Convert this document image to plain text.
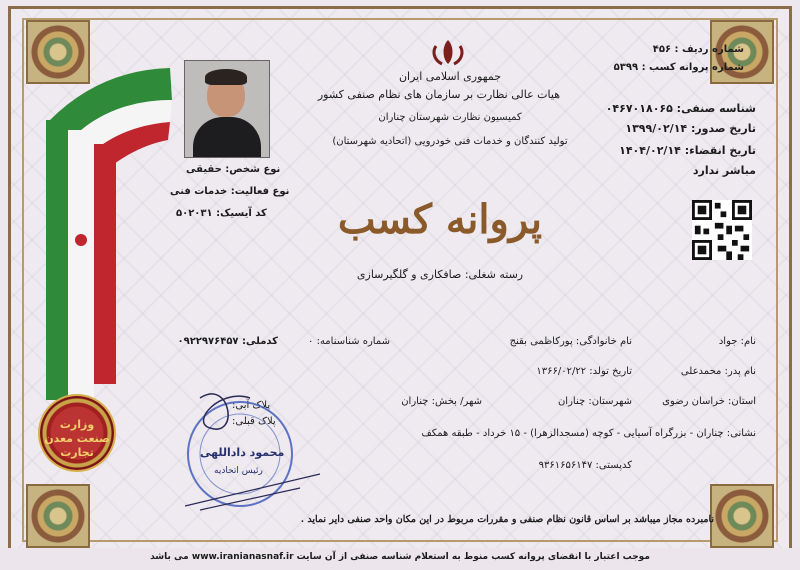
شماره ردیف : ۴۵۶
شماره پروانه کسب : ۵۳۹۹
جمهوری اسلامی ایران
هیات عالی نظارت بر سازمان های نظام صنفی کشور
کمیسیون نظارت شهرستان چناران
تولید کنندگان و خدمات فنی خودرویی (اتحادیه شهرستان)
شناسه صنفی: ۰۴۶۷۰۱۸۰۶۵
تاریخ صدور: ۱۳۹۹/۰۲/۱۴
تاریخ انقضاء: ۱۴۰۴/۰۲/۱۴
مباشر ندارد
نوع شخص: حقیقی
نوع فعالیت: خدمات فنی
کد آیسیک: ۵۰۲۰۳۱ پروانه کسب
رسته شغلی: صافکاری و گلگیرسازی
نام: جواد
نام خانوادگی: پورکاظمی بقنج
شماره شناسنامه: ۰
کدملی: ۰۹۲۲۹۷۶۴۵۷
نام پدر: محمدعلی
تاریخ تولد: ۱۳۶۶/۰۲/۲۲
استان: خراسان رضوی
شهرستان: چناران
شهر/ بخش: چناران
نشانی: چناران - بزرگراه آسیایی - کوچه (مسجدالزهرا) - ۱۵ خرداد - طبقه همکف
کدپستی: ۹۳۶۱۶۵۶۱۴۷
پلاک آبی:
پلاک قبلی:
محمود داداللهی
رئیس اتحادیه
وزارت صنعت معدن تجارت
نامبرده مجاز میباشد بر اساس قانون نظام صنفی و مقررات مربوط در این مکان واحد صنفی دایر نماید .
موجب اعتبار با انقضای پروانه کسب منوط به استعلام شناسه صنفی از آن سایت www.iranianasnaf.ir می باشد
